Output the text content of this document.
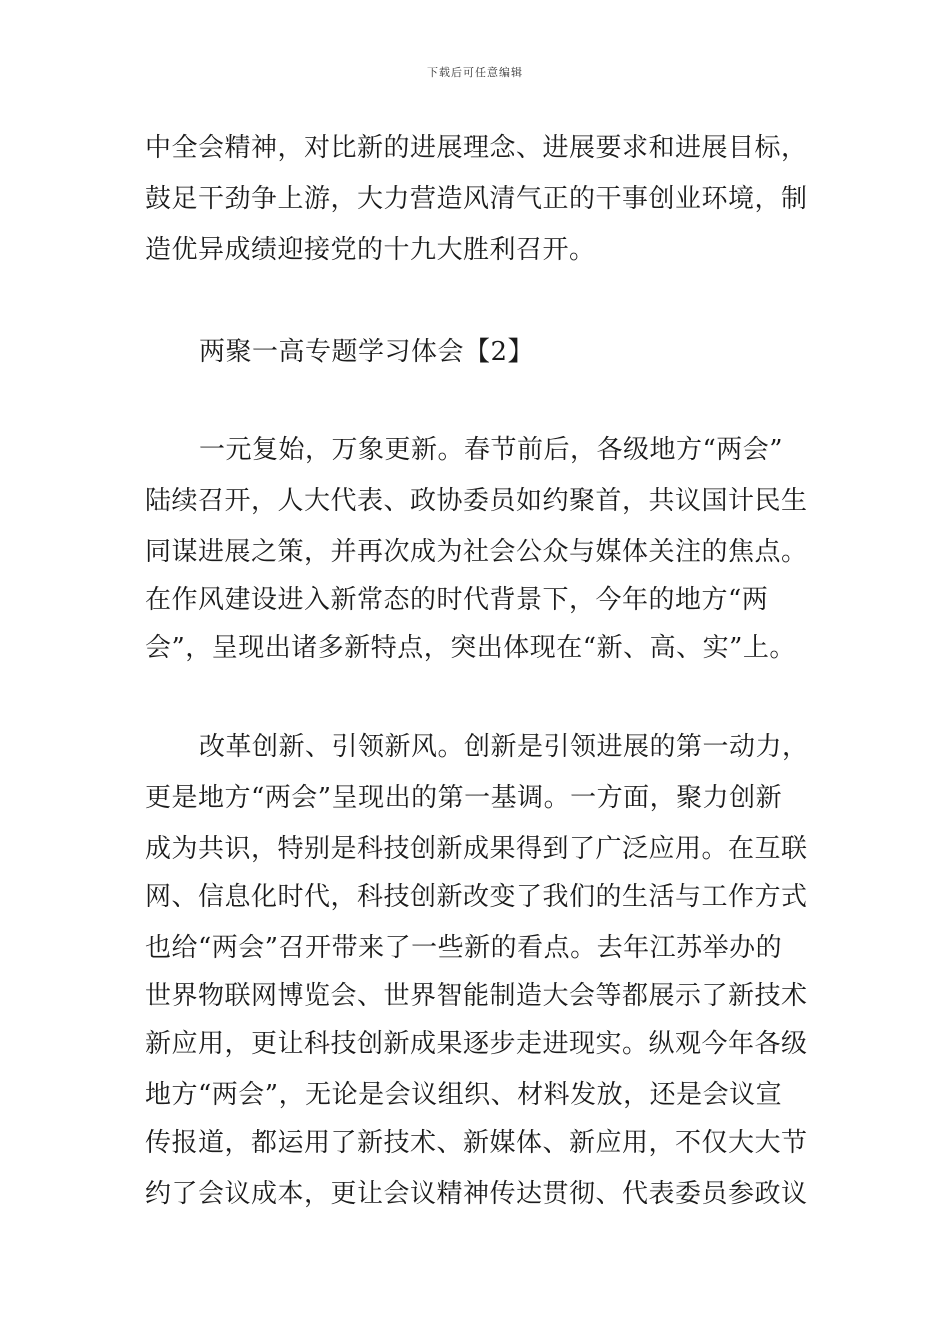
下载后可任意编辑
中全会精神，对比新的进展理念、进展要求和进展目标，
鼓足干劲争上游，大力营造风清气正的干事创业环境，制
造优异成绩迎接党的十九大胜利召开。
两聚一高专题学习体会【2】
一元复始，万象更新。春节前后，各级地方“两会”
陆续召开，人大代表、政协委员如约聚首，共议国计民生
同谋进展之策，并再次成为社会公众与媒体关注的焦点。
在作风建设进入新常态的时代背景下，今年的地方“两
会”，呈现出诸多新特点，突出体现在“新、高、实”上。
改革创新、引领新风。创新是引领进展的第一动力，
更是地方“两会”呈现出的第一基调。一方面，聚力创新
成为共识，特别是科技创新成果得到了广泛应用。在互联
网、信息化时代，科技创新改变了我们的生活与工作方式
也给“两会”召开带来了一些新的看点。去年江苏举办的
世界物联网博览会、世界智能制造大会等都展示了新技术
新应用，更让科技创新成果逐步走进现实。纵观今年各级
地方“两会”，无论是会议组织、材料发放，还是会议宣
传报道，都运用了新技术、新媒体、新应用，不仅大大节
约了会议成本，更让会议精神传达贯彻、代表委员参政议
